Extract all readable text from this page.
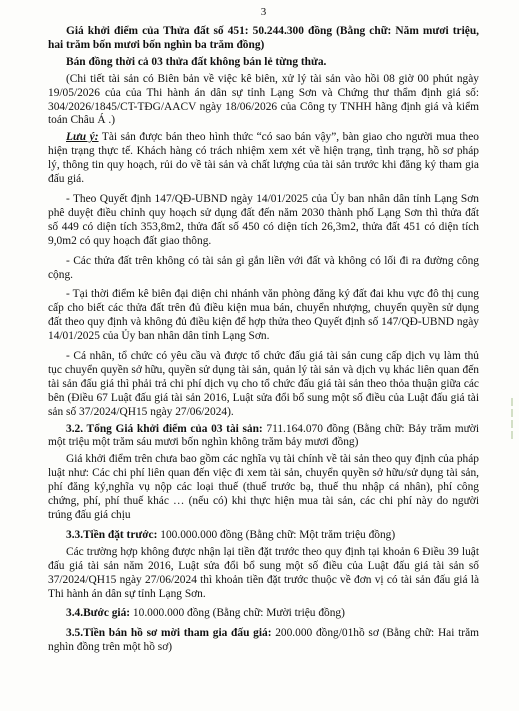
3

Giá khởi điểm của Thửa đất số 451: 50.244.300 đồng (Bằng chữ: Năm mươi triệu, hai trăm bốn mươi bốn nghìn ba trăm đồng)

Bán đồng thời cả 03 thửa đất không bán lẻ từng thửa.

(Chi tiết tài sản có Biên bản về việc kê biên, xử lý tài sản vào hồi 08 giờ 00 phút ngày 19/05/2026 của của Thi hành án dân sự tỉnh Lạng Sơn và Chứng thư thẩm định giá số: 304/2026/1845/CT-TĐG/AACV ngày 18/06/2026 của Công ty TNHH hãng định giá và kiểm toán Châu Á .)

Lưu ý: Tài sản được bán theo hình thức “có sao bán vậy”, bàn giao cho người mua theo hiện trạng thực tế. Khách hàng có trách nhiệm xem xét về hiện trạng, tình trạng, hồ sơ pháp lý, thông tin quy hoạch, rủi do về tài sản và chất lượng của tài sản trước khi đăng ký tham gia đấu giá.

- Theo Quyết định 147/QĐ-UBND ngày 14/01/2025 của Ủy ban nhân dân tỉnh Lạng Sơn phê duyệt điều chỉnh quy hoạch sử dụng đất đến năm 2030 thành phố Lạng Sơn thì thửa đất số 449 có diện tích 353,8m2, thửa đất số 450 có diện tích 26,3m2, thửa đất 451 có diện tích 9,0m2 có quy hoạch đất giao thông.

- Các thửa đất trên không có tài sản gì gắn liền với đất và không có lối đi ra đường công cộng.

- Tại thời điểm kê biên đại diện chi nhánh văn phòng đăng ký đất đai khu vực đô thị cung cấp cho biết các thửa đất trên đủ điều kiện mua bán, chuyển nhượng, chuyển quyền sử dụng đất theo quy định và không đủ điều kiện để hợp thửa theo Quyết định số 147/QĐ-UBND ngày 14/01/2025 của Ủy ban nhân dân tỉnh Lạng Sơn.

- Cá nhân, tổ chức có yêu cầu và được tổ chức đấu giá tài sản cung cấp dịch vụ làm thủ tục chuyển quyền sở hữu, quyền sử dụng tài sản, quản lý tài sản và dịch vụ khác liên quan đến tài sản đấu giá thì phải trả chi phí dịch vụ cho tổ chức đấu giá tài sản theo thỏa thuận giữa các bên (Điều 67 Luật đấu giá tài sản 2016, Luật sửa đổi bổ sung một số điều của Luật đấu giá tài sản số 37/2024/QH15 ngày 27/06/2024).

3.2. Tổng Giá khởi điểm của 03 tài sản: 711.164.070 đồng (Bằng chữ: Bảy trăm mười một triệu một trăm sáu mươi bốn nghìn không trăm bảy mươi đồng)

Giá khởi điểm trên chưa bao gồm các nghĩa vụ tài chính về tài sản theo quy định của pháp luật như: Các chi phí liên quan đến việc đi xem tài sản, chuyển quyền sở hữu/sử dụng tài sản, phí đăng ký,nghĩa vụ nộp các loại thuế (thuế trước bạ, thuế thu nhập cá nhân), phí công chứng, phí, phí thuế khác … (nếu có) khi thực hiện mua tài sản, các chi phí này do người trúng đấu giá chịu

3.3.Tiền đặt trước: 100.000.000 đồng (Bằng chữ: Một trăm triệu đồng)

Các trường hợp không được nhận lại tiền đặt trước theo quy định tại khoản 6 Điều 39 luật đấu giá tài sản năm 2016, Luật sửa đổi bổ sung một số điều của Luật đấu giá tài sản số 37/2024/QH15 ngày 27/06/2024 thì khoản tiền đặt trước thuộc về đơn vị có tài sản đấu giá là Thi hành án dân sự tỉnh Lạng Sơn.

3.4.Bước giá: 10.000.000 đồng (Bằng chữ: Mười triệu đồng)

3.5.Tiền bán hồ sơ mời tham gia đấu giá: 200.000 đồng/01hồ sơ (Bằng chữ: Hai trăm nghìn đồng trên một hồ sơ)
